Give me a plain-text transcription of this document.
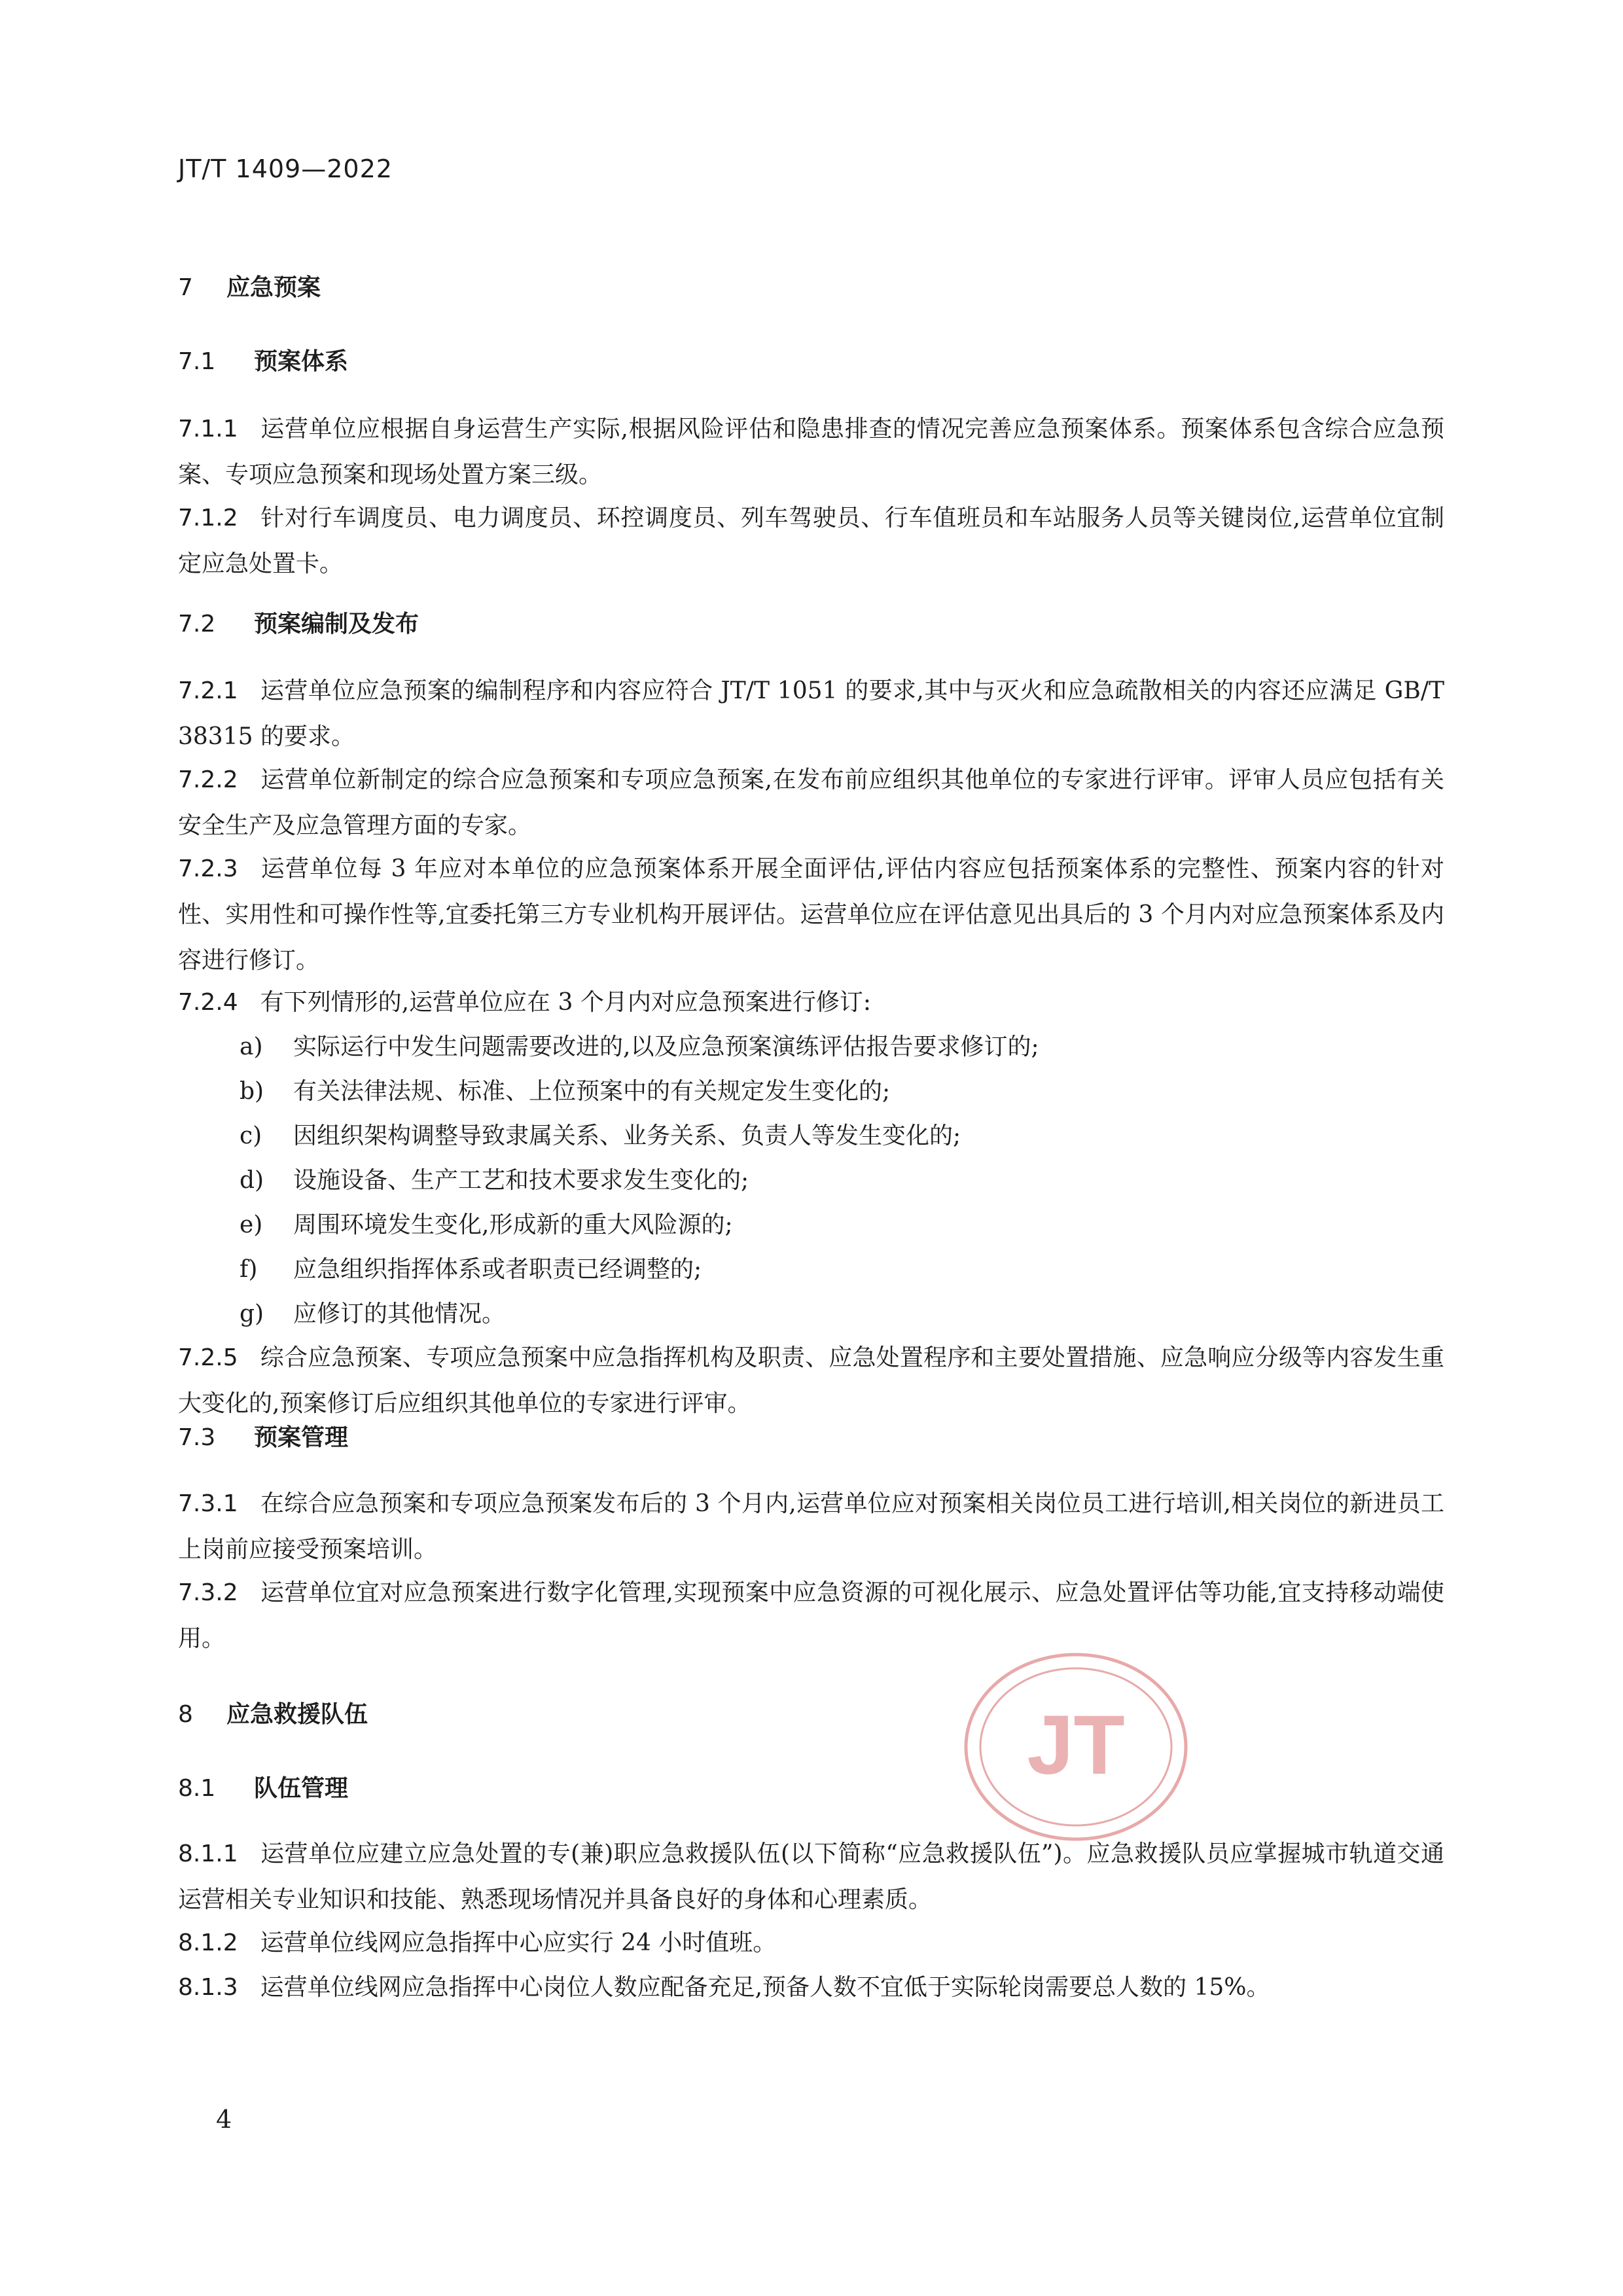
JT/T 1409—2022
7 应急预案
7.1 预案体系

7.1.1 运营单位应根据自身运营生产实际,根据风险评估和隐患排查的情况完善应急预案体系。预案体系包含综合应急预案、专项应急预案和现场处置方案三级。

7.1.2 针对行车调度员、电力调度员、环控调度员、列车驾驶员、行车值班员和车站服务人员等关键岗位,运营单位宜制定应急处置卡。

7.2 预案编制及发布

7.2.1 运营单位应急预案的编制程序和内容应符合 JT/T 1051 的要求,其中与灭火和应急疏散相关的内容还应满足 GB/T 38315 的要求。

7.2.2 运营单位新制定的综合应急预案和专项应急预案,在发布前应组织其他单位的专家进行评审。评审人员应包括有关安全生产及应急管理方面的专家。

7.2.3 运营单位每 3 年应对本单位的应急预案体系开展全面评估,评估内容应包括预案体系的完整性、预案内容的针对性、实用性和可操作性等,宜委托第三方专业机构开展评估。运营单位应在评估意见出具后的 3 个月内对应急预案体系及内容进行修订。

7.2.4 有下列情形的,运营单位应在 3 个月内对应急预案进行修订:

a) 实际运行中发生问题需要改进的,以及应急预案演练评估报告要求修订的;
b) 有关法律法规、标准、上位预案中的有关规定发生变化的;
c) 因组织架构调整导致隶属关系、业务关系、负责人等发生变化的;
d) 设施设备、生产工艺和技术要求发生变化的;
e) 周围环境发生变化,形成新的重大风险源的;
f) 应急组织指挥体系或者职责已经调整的;
g) 应修订的其他情况。

7.2.5 综合应急预案、专项应急预案中应急指挥机构及职责、应急处置程序和主要处置措施、应急响应分级等内容发生重大变化的,预案修订后应组织其他单位的专家进行评审。

7.3 预案管理

7.3.1 在综合应急预案和专项应急预案发布后的 3 个月内,运营单位应对预案相关岗位员工进行培训,相关岗位的新进员工上岗前应接受预案培训。

7.3.2 运营单位宜对应急预案进行数字化管理,实现预案中应急资源的可视化展示、应急处置评估等功能,宜支持移动端使用。

8 应急救援队伍
8.1 队伍管理

8.1.1 运营单位应建立应急处置的专(兼)职应急救援队伍(以下简称“应急救援队伍”)。应急救援队员应掌握城市轨道交通运营相关专业知识和技能、熟悉现场情况并具备良好的身体和心理素质。

8.1.2 运营单位线网应急指挥中心应实行 24 小时值班。

8.1.3 运营单位线网应急指挥中心岗位人数应配备充足,预备人数不宜低于实际轮岗需要总人数的 15%。

JT
4
